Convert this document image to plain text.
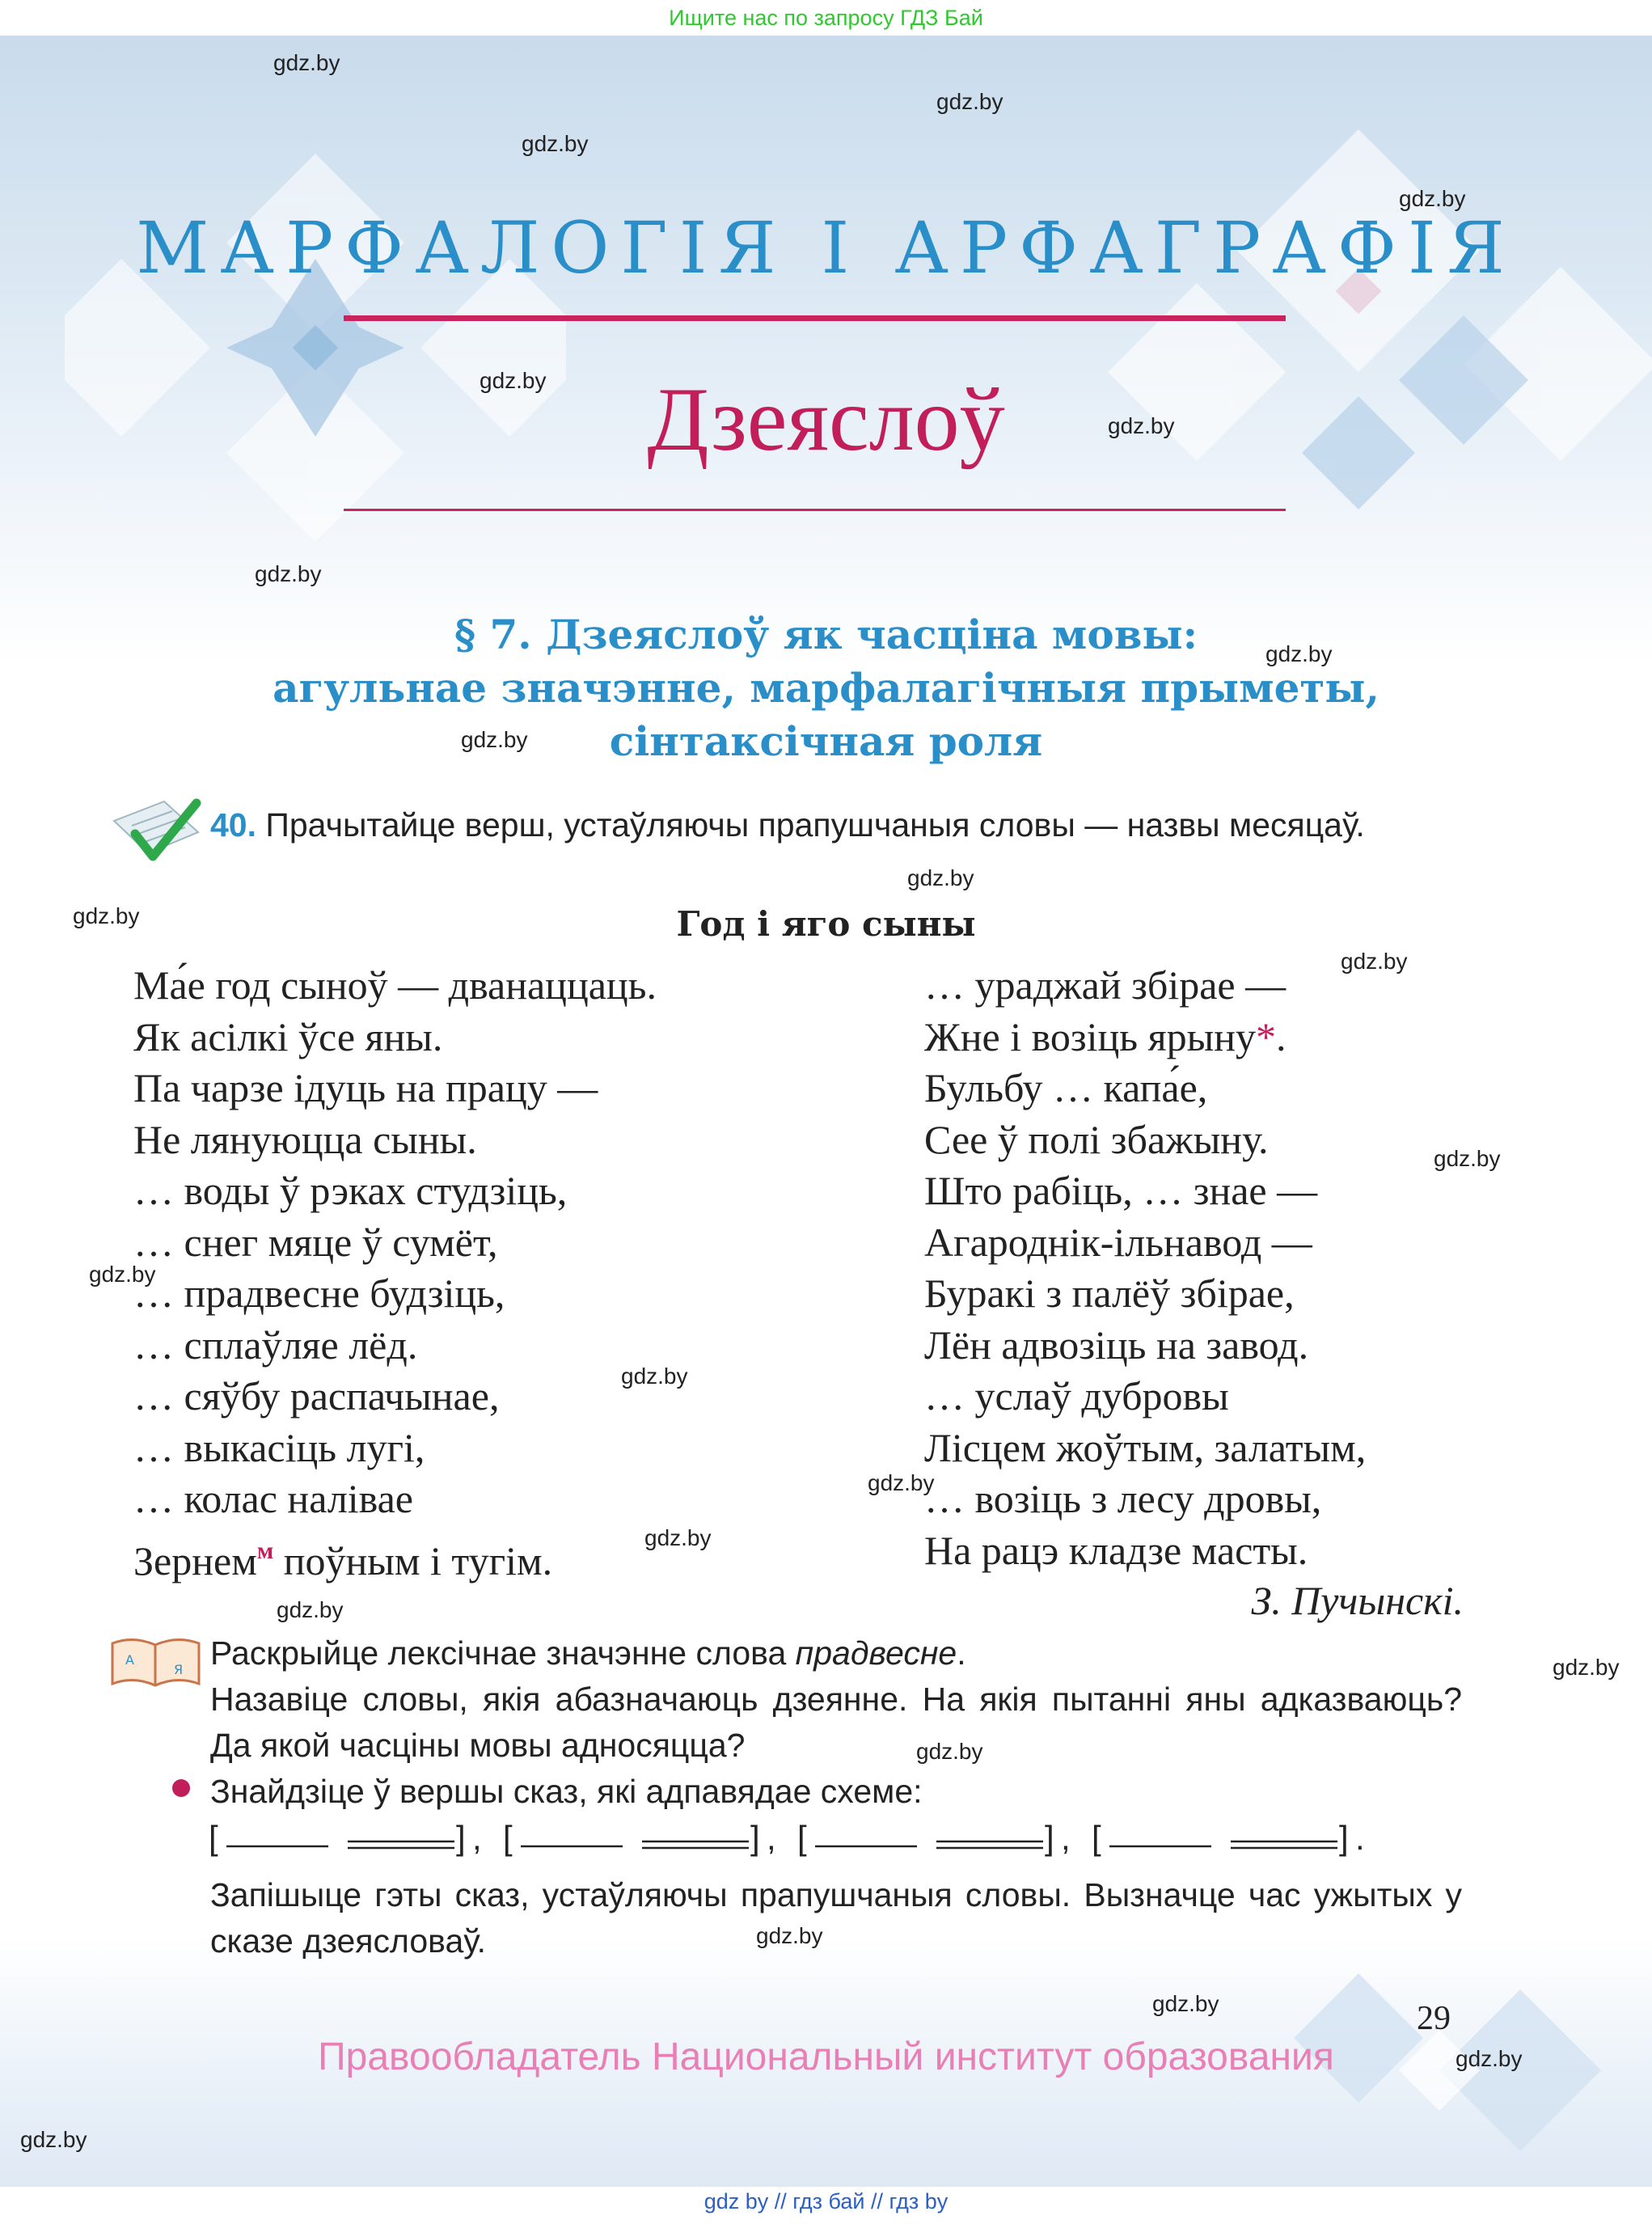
Ищите нас по запросу ГДЗ Бай
МАРФАЛОГІЯ І АРФАГРАФІЯ
Дзеяслоў
§ 7. Дзеяслоў як часціна мовы:
агульнае значэнне, марфалагічныя прыметы,
сінтаксічная роля
40. Прачытайце верш, устаўляючы прапушчаныя словы — назвы месяцаў.
Год і яго сыны
Ма́е год сыноў — дванаццаць.
Як асілкі ўсе яны.
Па чарзе ідуць на працу —
Не лянуюцца сыны.
… воды ў рэках студзіць,
… снег мяце ў сумёт,
… прадвесне будзіць,
… сплаўляе лёд.
… сяўбу распачынае,
… выкасіць лугі,
… колас налівае
Зернем$^м$ поўным і тугім.
… ураджай збірае —
Жне і возіць ярыну*.
Бульбу … капа́е,
Сее ў полі збажыну.
Што рабіць, … знае —
Агароднік-ільнавод —
Буракі з палёў збірае,
Лён адвозіць на завод.
… услаў дубровы
Лісцем жоўтым, залатым,
… возіць з лесу дровы,
На рацэ кладзе масты.
З. Пучынскі.
А
Я Раскрыйце лексічнае значэнне слова прадвесне.
Назавіце словы, якія абазначаюць дзеянне. На якія пытанні яны адказваюць? Да якой часціны мовы адносяцца?
Знайдзіце ў вершы сказ, які адпавядае схеме:
[	] , [	] , [	] , [	] .
Запішыце гэты сказ, устаўляючы прапушчаныя словы. Вызначце час ужытых у сказе дзеясловаў.
29
Правообладатель Национальный институт образования
gdz by // гдз бай // гдз by
gdz.by
gdz.by
gdz.by
gdz.by
gdz.by
gdz.by
gdz.by
gdz.by
gdz.by
gdz.by
gdz.by
gdz.by
gdz.by
gdz.by
gdz.by
gdz.by
gdz.by
gdz.by
gdz.by
gdz.by
gdz.by
gdz.by
gdz.by
gdz.by
